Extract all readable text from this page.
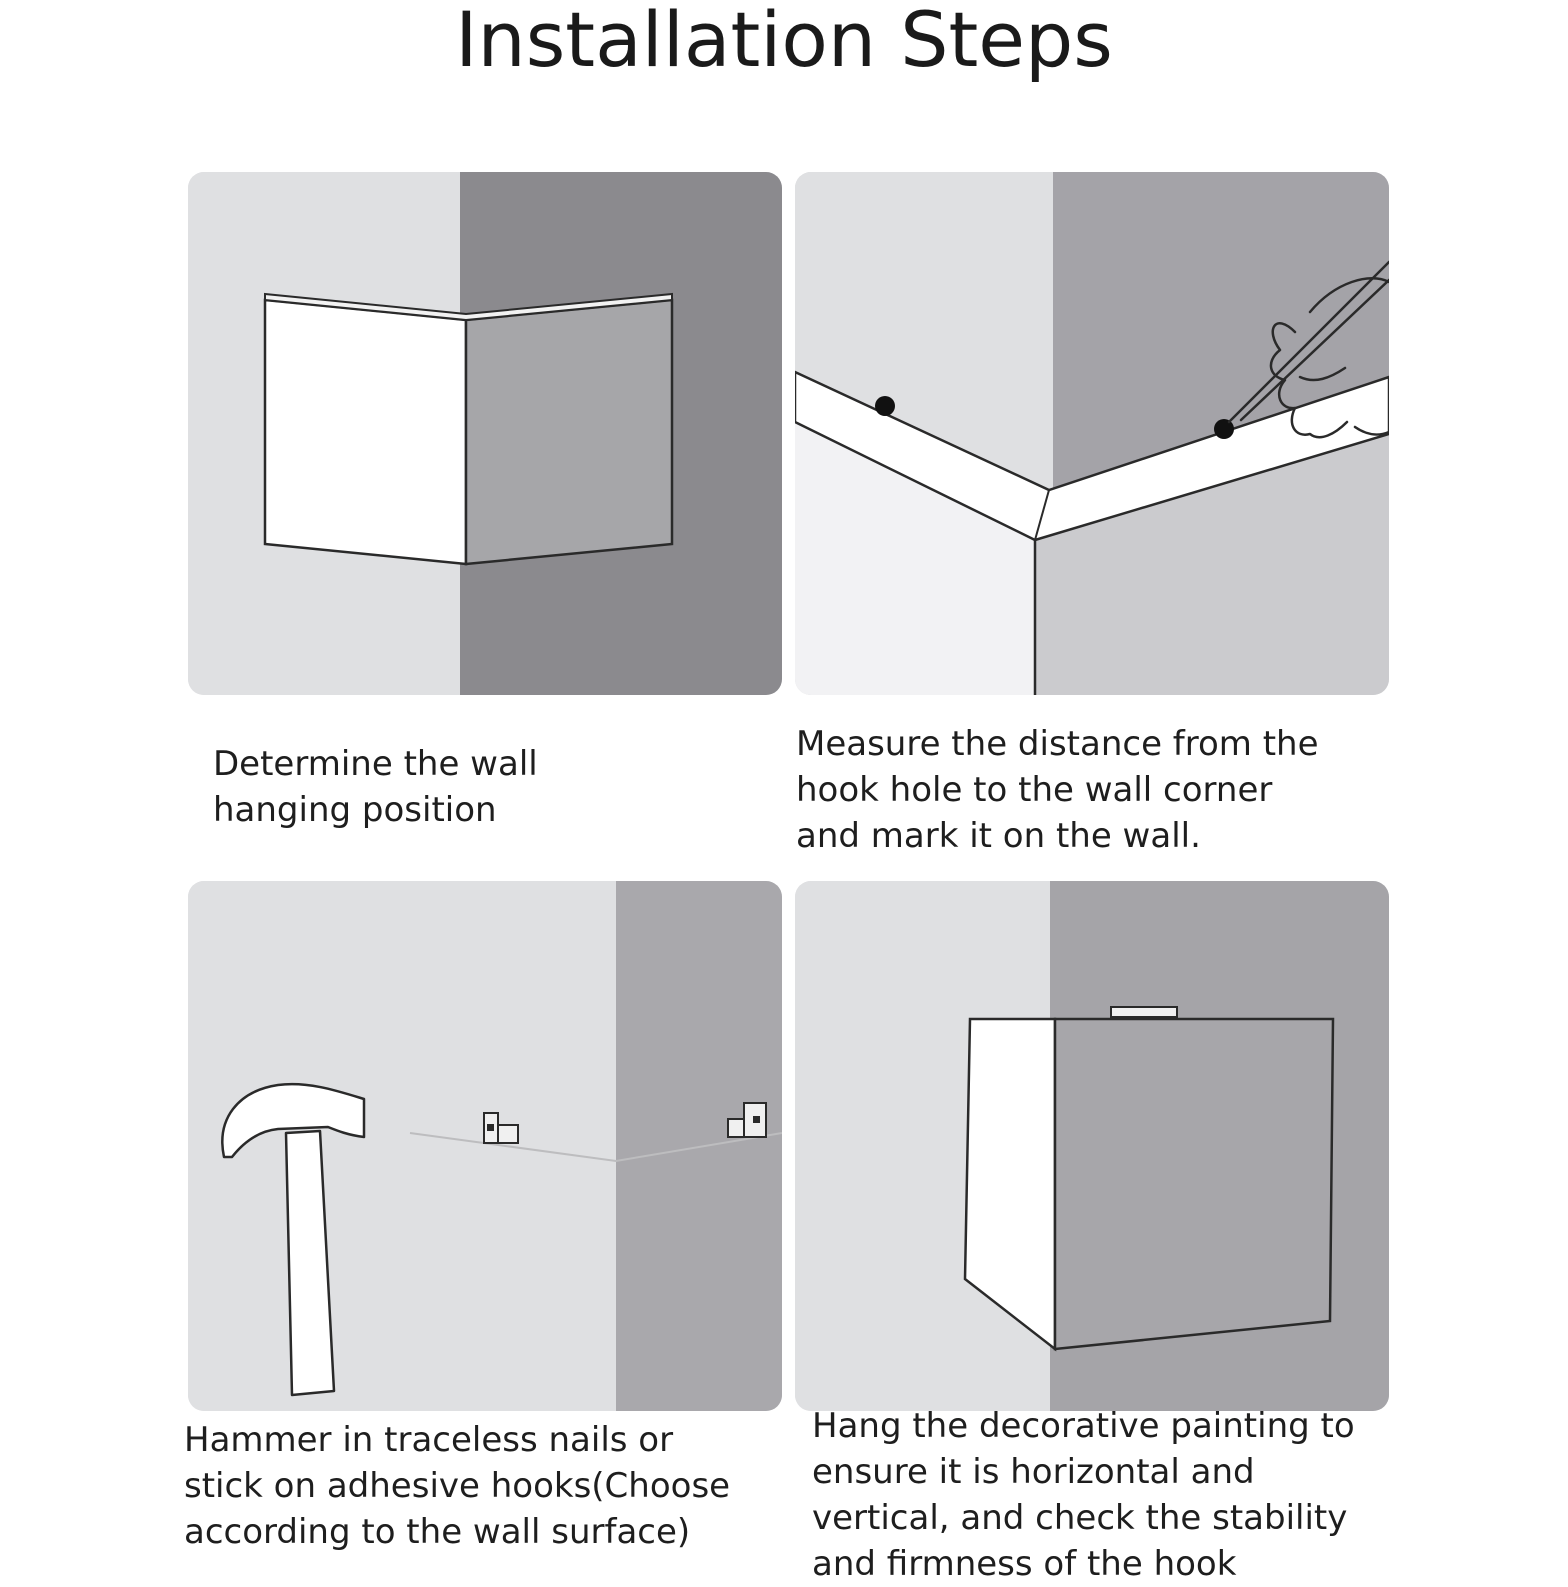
Installation Steps

Determine the wall
hanging position

Measure the distance from the
hook hole to the wall corner
and mark it on the wall.

Hammer in traceless nails or
stick on adhesive hooks(Choose
according to the wall surface)

Hang the decorative painting to
ensure it is horizontal and
vertical, and check the stability
and firmness of the hook
